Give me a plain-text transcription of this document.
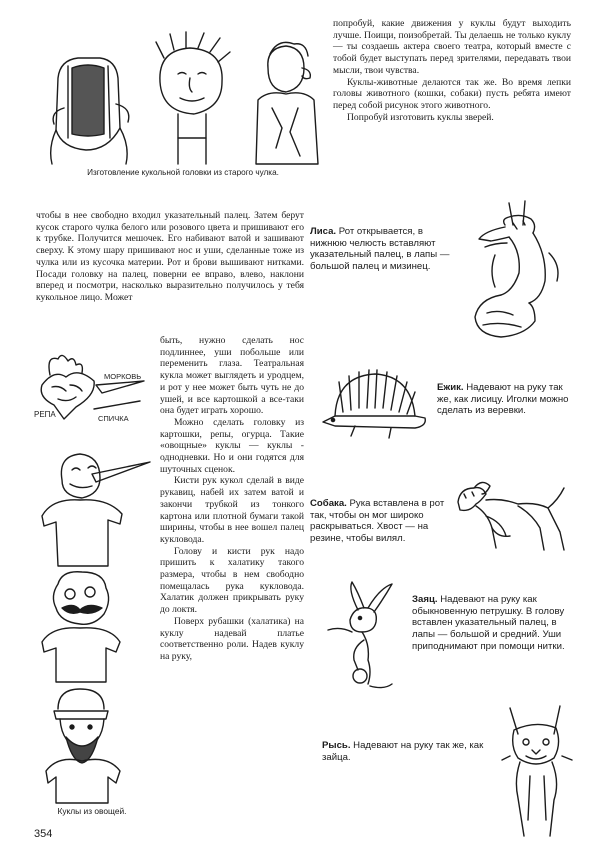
Изготовление кукольной головки из старого чулка.

попробуй, какие движения у куклы будут выходить лучше. Поищи, поизобретай. Ты делаешь не только куклу — ты создаешь актера своего театра, который вместе с тобой будет выступать перед зрителями, передавать твои мысли, твои чувства.

Куклы-животные делаются так же. Во время лепки головы животного (кошки, собаки) пусть ребята имеют перед собой рисунок этого животного.

Попробуй изготовить куклы зверей.

чтобы в нее свободно входил указательный палец. Затем берут кусок старого чулка белого или розового цвета и пришивают его к трубке. Получится мешочек. Его набивают ватой и зашивают сверху. К этому шару пришивают нос и уши, сделанные тоже из чулка или из кусочка материи. Рот и брови вышивают нитками. Посади головку на палец, поверни ее вправо, влево, наклони вперед и посмотри, насколько выразительно получилось у тебя кукольное лицо. Может

быть, нужно сделать нос подлиннее, уши побольше или переменить глаза. Театральная кукла может выглядеть и уродцем, и рот у нее может быть чуть не до ушей, и все картошкой а все-таки она будет играть хорошо.

Можно сделать головку из картошки, репы, огурца. Такие «овощные» куклы — куклы - однодневки. Но и они годятся для шуточных сценок.

Кисти рук кукол сделай в виде рукавиц, набей их затем ватой и закончи трубкой из тонкого картона или плотной бумаги такой ширины, чтобы в нее вошел палец кукловода.

Голову и кисти рук надо пришить к халатику такого размера, чтобы в нем свободно помещалась рука кукловода. Халатик должен прикрывать руку до локтя.

Поверх рубашки (халатика) на куклу надевай платье соответственно роли. Надев куклу на руку,

МОРКОВЬ
РЕПА	СПИЧКА
Куклы из овощей.

Лиса. Рот открывается, в нижнюю челюсть вставляют указательный палец, в лапы — большой палец и мизинец.

Ежик. Надевают на руку так же, как лисицу. Иголки можно сделать из веревки.

Собака. Рука вставлена в рот так, чтобы он мог широко раскрываться. Хвост — на резине, чтобы вилял.

Заяц. Надевают на руку как обыкновенную петрушку. В голову вставлен указательный палец, в лапы — большой и средний. Уши приподнимают при помощи нитки.

Рысь. Надевают на руку так же, как зайца.

354
